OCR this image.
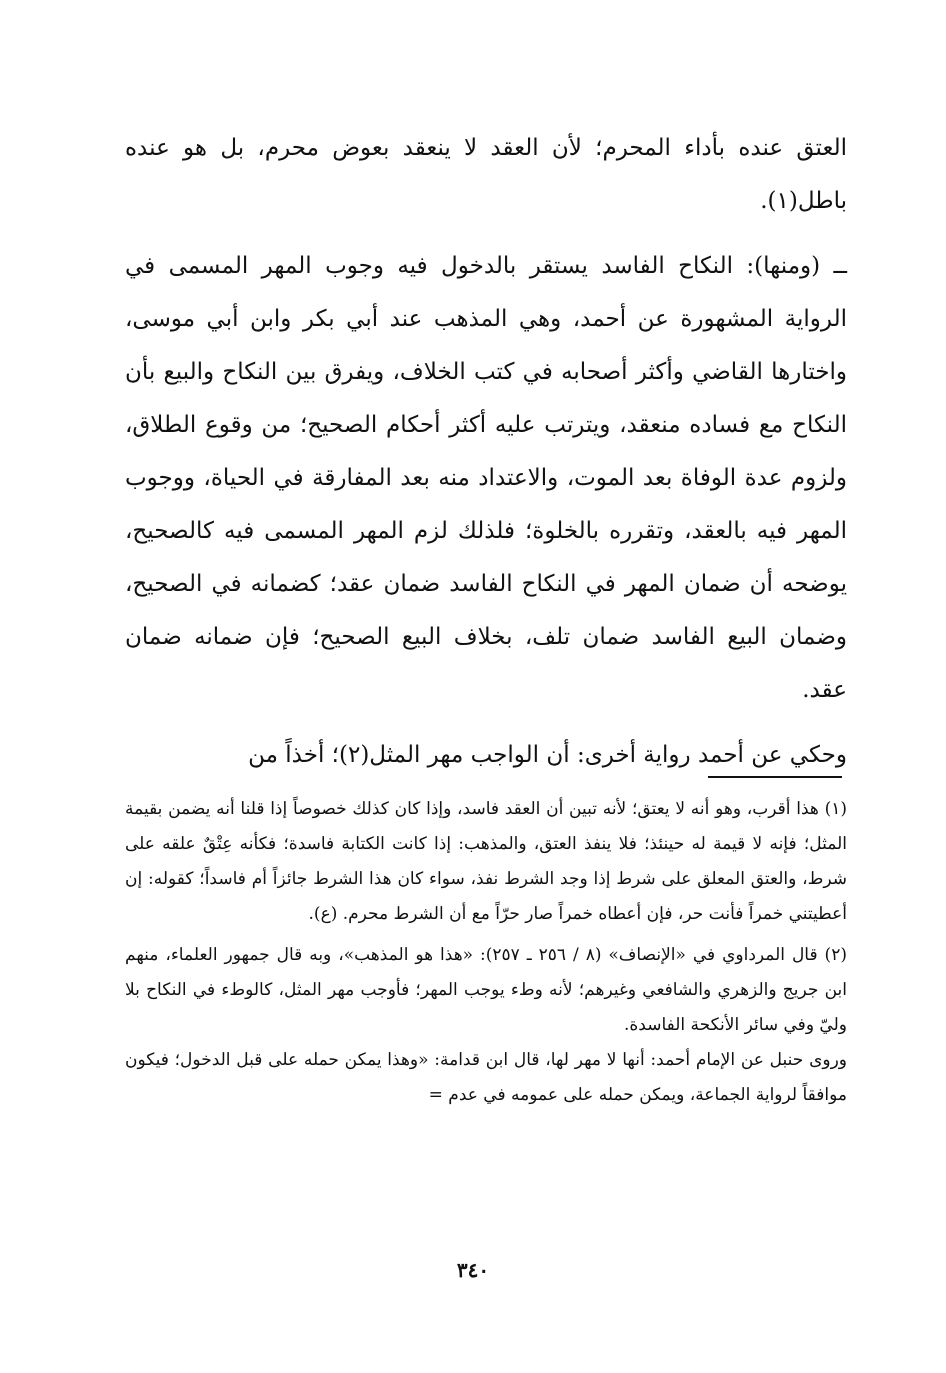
العتق عنده بأداء المحرم؛ لأن العقد لا ينعقد بعوض محرم، بل هو عنده باطل(١).

ــ (ومنها): النكاح الفاسد يستقر بالدخول فيه وجوب المهر المسمى في الرواية المشهورة عن أحمد، وهي المذهب عند أبي بكر وابن أبي موسى، واختارها القاضي وأكثر أصحابه في كتب الخلاف، ويفرق بين النكاح والبيع بأن النكاح مع فساده منعقد، ويترتب عليه أكثر أحكام الصحيح؛ من وقوع الطلاق، ولزوم عدة الوفاة بعد الموت، والاعتداد منه بعد المفارقة في الحياة، ووجوب المهر فيه بالعقد، وتقرره بالخلوة؛ فلذلك لزم المهر المسمى فيه كالصحيح، يوضحه أن ضمان المهر في النكاح الفاسد ضمان عقد؛ كضمانه في الصحيح، وضمان البيع الفاسد ضمان تلف، بخلاف البيع الصحيح؛ فإن ضمانه ضمان عقد.

وحكي عن أحمد رواية أخرى: أن الواجب مهر المثل(٢)؛ أخذاً من

(١) هذا أقرب، وهو أنه لا يعتق؛ لأنه تبين أن العقد فاسد، وإذا كان كذلك خصوصاً إذا قلنا أنه يضمن بقيمة المثل؛ فإنه لا قيمة له حينئذ؛ فلا ينفذ العتق، والمذهب: إذا كانت الكتابة فاسدة؛ فكأنه عِتْقٌ علقه على شرط، والعتق المعلق على شرط إذا وجد الشرط نفذ، سواء كان هذا الشرط جائزاً أم فاسداً؛ كقوله: إن أعطيتني خمراً فأنت حر، فإن أعطاه خمراً صار حرّاً مع أن الشرط محرم. (ع).

(٢) قال المرداوي في «الإنصاف» (٨ / ٢٥٦ ـ ٢٥٧): «هذا هو المذهب»، وبه قال جمهور العلماء، منهم ابن جريج والزهري والشافعي وغيرهم؛ لأنه وطء يوجب المهر؛ فأوجب مهر المثل، كالوطء في النكاح بلا وليّ وفي سائر الأنكحة الفاسدة.

وروى حنبل عن الإمام أحمد: أنها لا مهر لها، قال ابن قدامة: «وهذا يمكن حمله على قبل الدخول؛ فيكون موافقاً لرواية الجماعة، ويمكن حمله على عمومه في عدم =

٣٤٠
